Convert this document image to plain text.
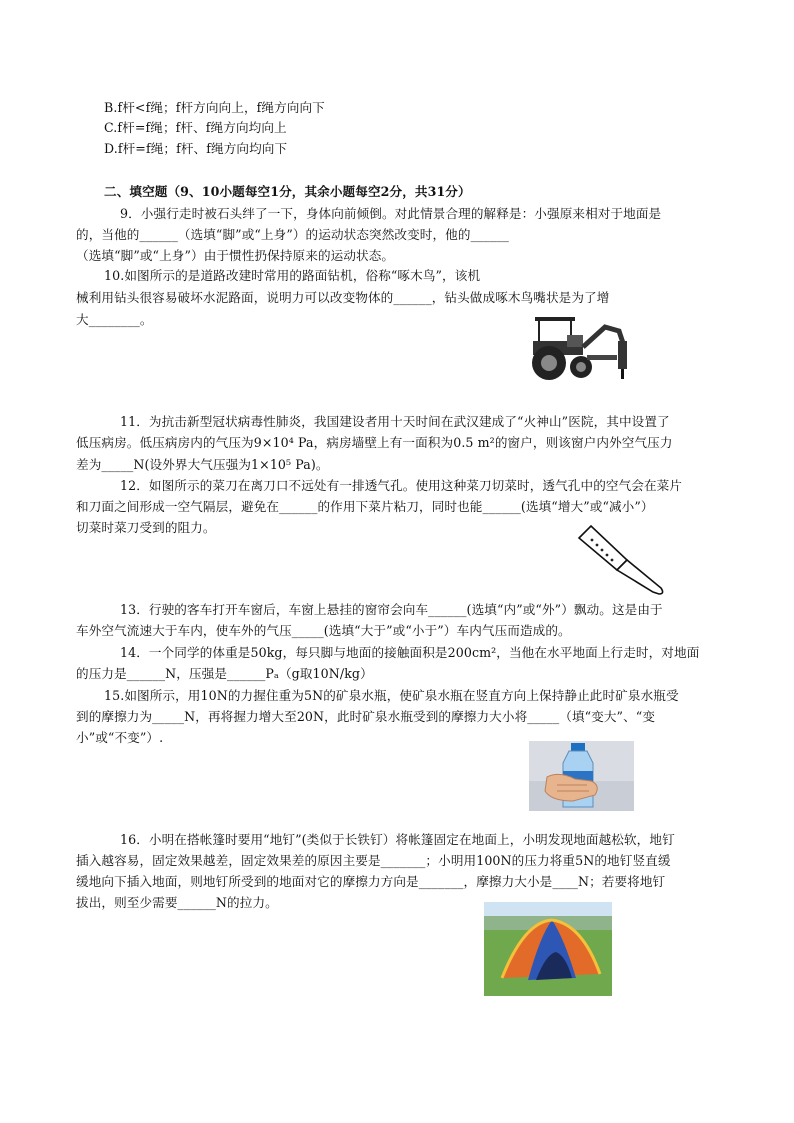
B.f杆<f绳；f杆方向向上，f绳方向向下
C.f杆=f绳；f杆、f绳方向均向上
D.f杆=f绳；f杆、f绳方向均向下
二、填空题（9、10小题每空1分，其余小题每空2分，共31分）
9．小强行走时被石头绊了一下，身体向前倾倒。对此情景合理的解释是：小强原来相对于地面是
的，当他的______（选填“脚”或“上身”）的运动状态突然改变时，他的______
（选填“脚”或“上身”）由于惯性扔保持原来的运动状态。
10.如图所示的是道路改建时常用的路面钻机，俗称“啄木鸟”，该机
械利用钻头很容易破坏水泥路面，说明力可以改变物体的______，钻头做成啄木鸟嘴状是为了增
大________。
11．为抗击新型冠状病毒性肺炎，我国建设者用十天时间在武汉建成了“火神山”医院，其中设置了
低压病房。低压病房内的气压为9×10⁴ Pa，病房墙壁上有一面积为0.5 m²的窗户，则该窗户内外空气压力
差为_____N(设外界大气压强为1×10⁵ Pa)。
12．如图所示的菜刀在离刀口不远处有一排透气孔。使用这种菜刀切菜时，透气孔中的空气会在菜片
和刀面之间形成一空气隔层，避免在______的作用下菜片粘刀，同时也能______(选填“增大”或“减小”）
切菜时菜刀受到的阻力。
13．行驶的客车打开车窗后，车窗上悬挂的窗帘会向车______(选填“内”或“外”）飘动。这是由于
车外空气流速大于车内，使车外的气压_____(选填“大于”或“小于”）车内气压而造成的。
14．一个同学的体重是50kg，每只脚与地面的接触面积是200cm²，当他在水平地面上行走时，对地面
的压力是______N，压强是______Pₐ（g取10N/kg）
15.如图所示，用10N的力握住重为5N的矿泉水瓶，使矿泉水瓶在竖直方向上保持静止此时矿泉水瓶受
到的摩擦力为_____N，再将握力增大至20N，此时矿泉水瓶受到的摩擦力大小将_____（填“变大”、“变
小”或“不变”）.
16．小明在搭帐篷时要用“地钉”(类似于长铁钉）将帐篷固定在地面上，小明发现地面越松软，地钉
插入越容易，固定效果越差，固定效果差的原因主要是_______；小明用100N的压力将重5N的地钉竖直缓
缓地向下插入地面，则地钉所受到的地面对它的摩擦力方向是_______，摩擦力大小是____N；若要将地钉
拔出，则至少需要______N的拉力。
